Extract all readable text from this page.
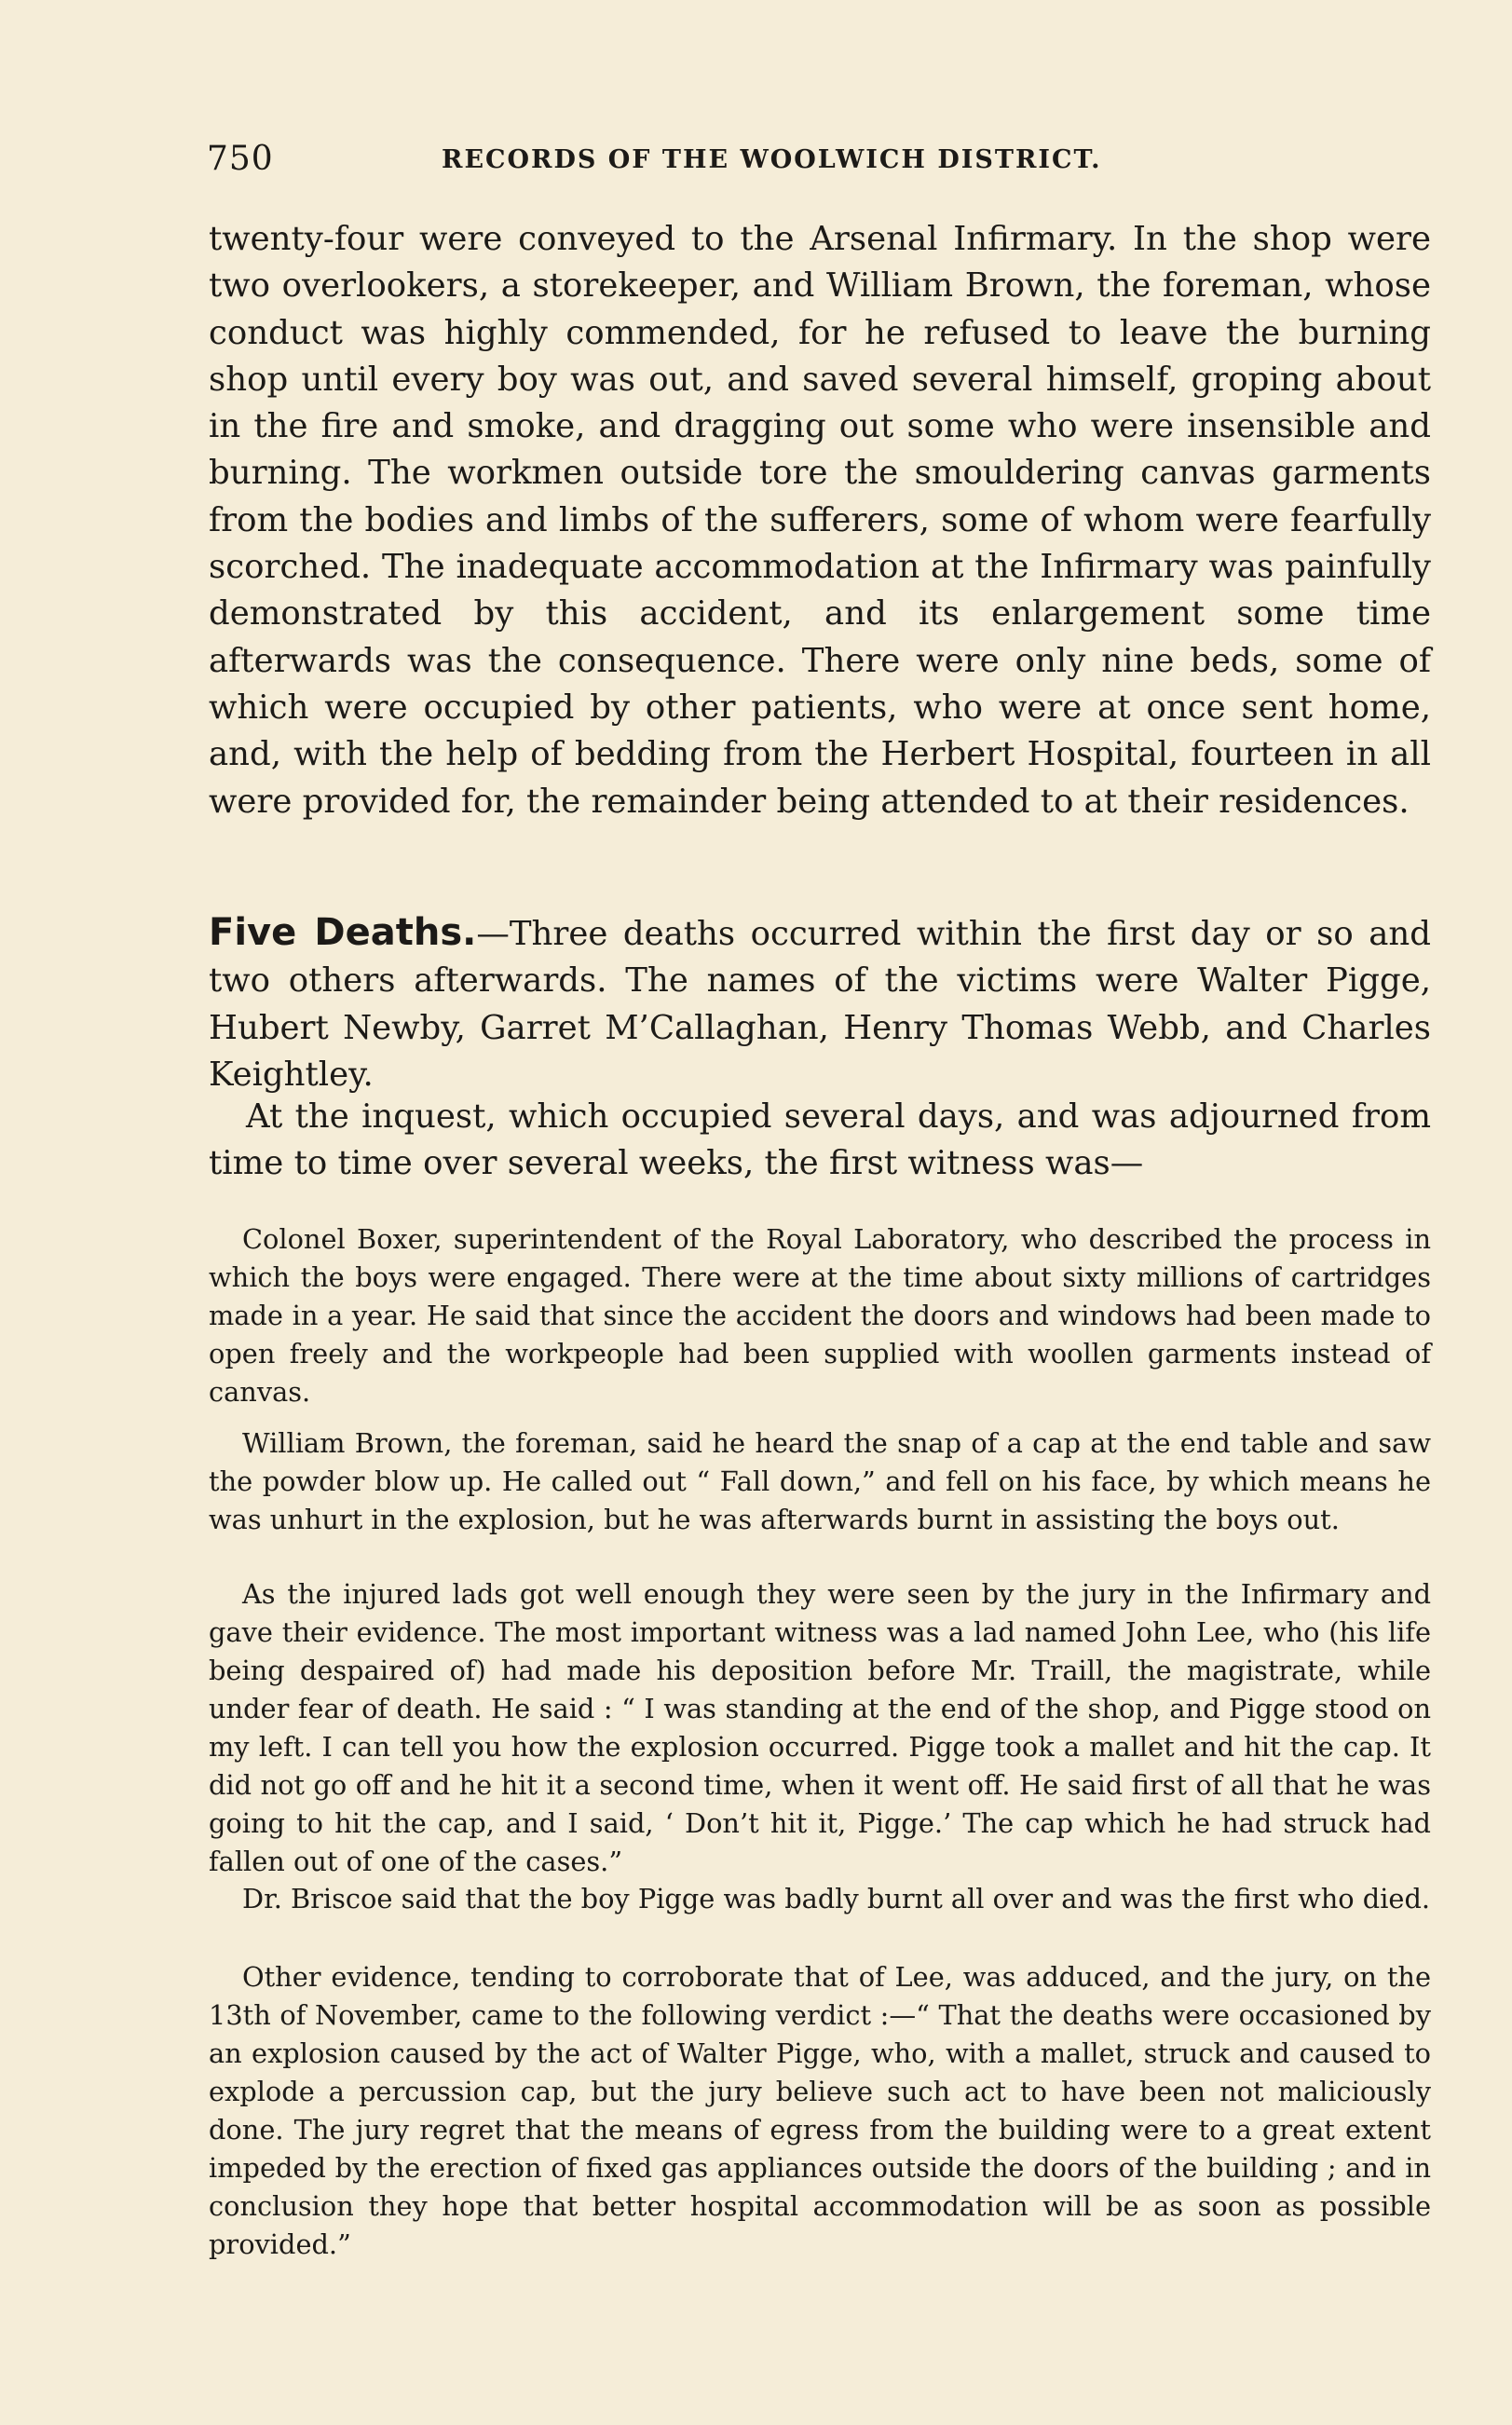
750	RECORDS OF THE WOOLWICH DISTRICT.

twenty-four were conveyed to the Arsenal Infirmary. In the shop were two overlookers, a storekeeper, and William Brown, the foreman, whose conduct was highly commended, for he refused to leave the burning shop until every boy was out, and saved several himself, groping about in the fire and smoke, and dragging out some who were insensible and burning. The workmen outside tore the smouldering canvas garments from the bodies and limbs of the sufferers, some of whom were fearfully scorched. The inadequate accommodation at the Infirmary was painfully demonstrated by this accident, and its enlargement some time afterwards was the consequence. There were only nine beds, some of which were occupied by other patients, who were at once sent home, and, with the help of bedding from the Herbert Hospital, fourteen in all were provided for, the remainder being attended to at their residences.

Five Deaths.—Three deaths occurred within the first day or so and two others afterwards. The names of the victims were Walter Pigge, Hubert Newby, Garret M’Callaghan, Henry Thomas Webb, and Charles Keightley.

At the inquest, which occupied several days, and was adjourned from time to time over several weeks, the first witness was—

Colonel Boxer, superintendent of the Royal Laboratory, who described the process in which the boys were engaged. There were at the time about sixty millions of cartridges made in a year. He said that since the accident the doors and windows had been made to open freely and the workpeople had been supplied with woollen garments instead of canvas.

William Brown, the foreman, said he heard the snap of a cap at the end table and saw the powder blow up. He called out “ Fall down,” and fell on his face, by which means he was unhurt in the explosion, but he was afterwards burnt in assisting the boys out.

As the injured lads got well enough they were seen by the jury in the Infirmary and gave their evidence. The most important witness was a lad named John Lee, who (his life being despaired of) had made his deposition before Mr. Traill, the magistrate, while under fear of death. He said : “ I was standing at the end of the shop, and Pigge stood on my left. I can tell you how the explosion occurred. Pigge took a mallet and hit the cap. It did not go off and he hit it a second time, when it went off. He said first of all that he was going to hit the cap, and I said, ‘ Don’t hit it, Pigge.’ The cap which he had struck had fallen out of one of the cases.”

Dr. Briscoe said that the boy Pigge was badly burnt all over and was the first who died.

Other evidence, tending to corroborate that of Lee, was adduced, and the jury, on the 13th of November, came to the following verdict :—“ That the deaths were occasioned by an explosion caused by the act of Walter Pigge, who, with a mallet, struck and caused to explode a percussion cap, but the jury believe such act to have been not maliciously done. The jury regret that the means of egress from the building were to a great extent impeded by the erection of fixed gas appliances outside the doors of the building ; and in conclusion they hope that better hospital accommodation will be as soon as possible provided.”
